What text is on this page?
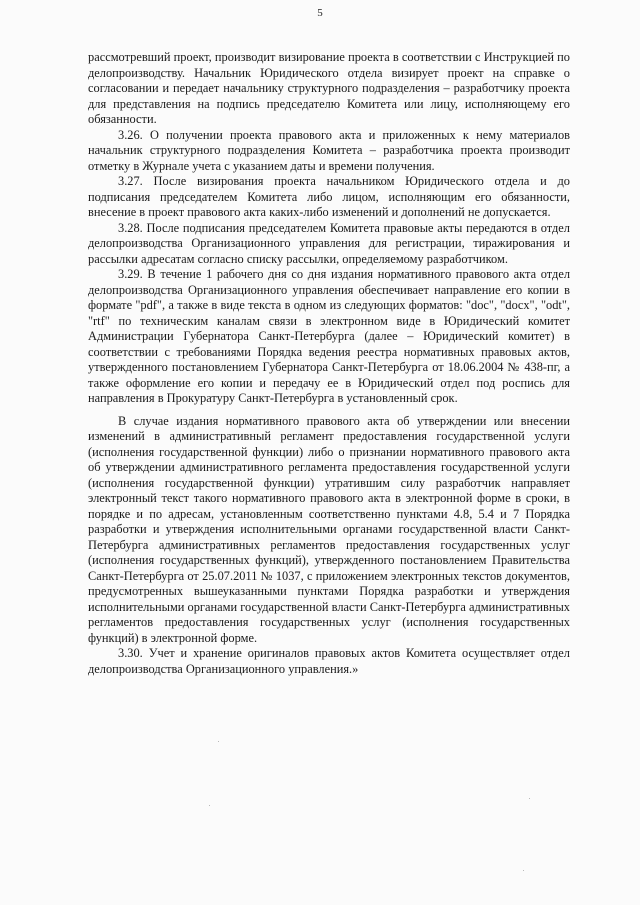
5

рассмотревший проект, производит визирование проекта в соответствии с Инструкцией по делопроизводству. Начальник Юридического отдела визирует проект на справке о согласовании и передает начальнику структурного подразделения – разработчику проекта для представления на подпись председателю Комитета или лицу, исполняющему его обязанности.

3.26. О получении проекта правового акта и приложенных к нему материалов начальник структурного подразделения Комитета – разработчика проекта производит отметку в Журнале учета с указанием даты и времени получения.

3.27. После визирования проекта начальником Юридического отдела и до подписания председателем Комитета либо лицом, исполняющим его обязанности, внесение в проект правового акта каких-либо изменений и дополнений не допускается.

3.28. После подписания председателем Комитета правовые акты передаются в отдел делопроизводства Организационного управления для регистрации, тиражирования и рассылки адресатам согласно списку рассылки, определяемому разработчиком.

3.29. В течение 1 рабочего дня со дня издания нормативного правового акта отдел делопроизводства Организационного управления обеспечивает направление его копии в формате "pdf", а также в виде текста в одном из следующих форматов: "doc", "docx", "odt", "rtf" по техническим каналам связи в электронном виде в Юридический комитет Администрации Губернатора Санкт-Петербурга (далее – Юридический комитет) в соответствии с требованиями Порядка ведения реестра нормативных правовых актов, утвержденного постановлением Губернатора Санкт-Петербурга от 18.06.2004 № 438-пг, а также оформление его копии и передачу ее в Юридический отдел под роспись для направления в Прокуратуру Санкт-Петербурга в установленный срок.

В случае издания нормативного правового акта об утверждении или внесении изменений в административный регламент предоставления государственной услуги (исполнения государственной функции) либо о признании нормативного правового акта об утверждении административного регламента предоставления государственной услуги (исполнения государственной функции) утратившим силу разработчик направляет электронный текст такого нормативного правового акта в электронной форме в сроки, в порядке и по адресам, установленным соответственно пунктами 4.8, 5.4 и 7 Порядка разработки и утверждения исполнительными органами государственной власти Санкт-Петербурга административных регламентов предоставления государственных услуг (исполнения государственных функций), утвержденного постановлением Правительства Санкт-Петербурга от 25.07.2011 № 1037, с приложением электронных текстов документов, предусмотренных вышеуказанными пунктами Порядка разработки и утверждения исполнительными органами государственной власти Санкт-Петербурга административных регламентов предоставления государственных услуг (исполнения государственных функций) в электронной форме.

3.30. Учет и хранение оригиналов правовых актов Комитета осуществляет отдел делопроизводства Организационного управления.»
